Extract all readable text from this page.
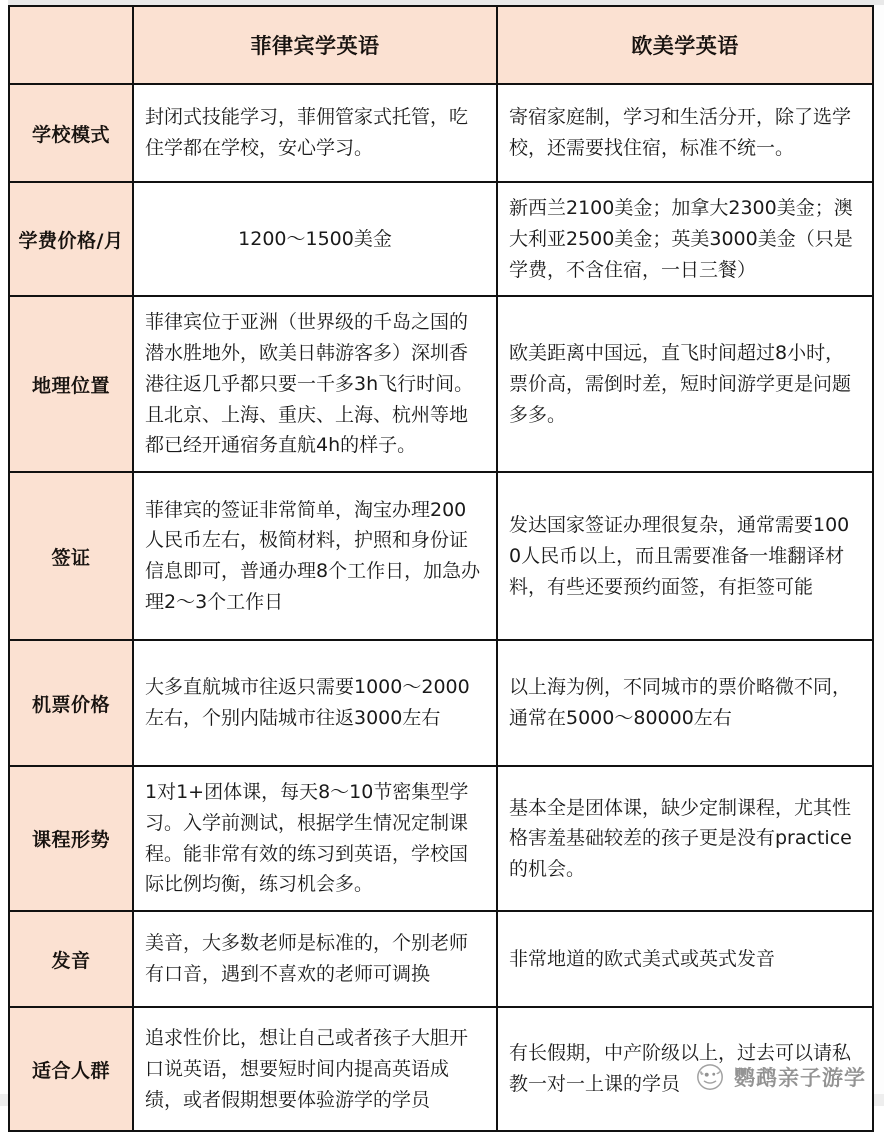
	菲律宾学英语	欧美学英语

学校模式	封闭式技能学习，菲佣管家式托管，吃住学都在学校，安心学习。	寄宿家庭制，学习和生活分开，除了选学校，还需要找住宿，标准不统一。

学费价格/月	1200～1500美金	新西兰2100美金；加拿大2300美金；澳大利亚2500美金；英美3000美金（只是学费，不含住宿，一日三餐）

地理位置	菲律宾位于亚洲（世界级的千岛之国的潜水胜地外，欧美日韩游客多）深圳香港往返几乎都只要一千多3h飞行时间。且北京、上海、重庆、上海、杭州等地都已经开通宿务直航4h的样子。	欧美距离中国远，直飞时间超过8小时，票价高，需倒时差，短时间游学更是问题多多。

签证	菲律宾的签证非常简单，淘宝办理200人民币左右，极简材料，护照和身份证信息即可，普通办理8个工作日，加急办理2～3个工作日	发达国家签证办理很复杂，通常需要1000人民币以上，而且需要准备一堆翻译材料，有些还要预约面签，有拒签可能

机票价格	大多直航城市往返只需要1000～2000左右，个别内陆城市往返3000左右	以上海为例，不同城市的票价略微不同，通常在5000～80000左右

课程形势	1对1+团体课，每天8～10节密集型学习。入学前测试，根据学生情况定制课程。能非常有效的练习到英语，学校国际比例均衡，练习机会多。	基本全是团体课，缺少定制课程，尤其性格害羞基础较差的孩子更是没有practice的机会。

发音	美音，大多数老师是标准的，个别老师有口音，遇到不喜欢的老师可调换	非常地道的欧式美式或英式发音

适合人群	追求性价比，想让自己或者孩子大胆开口说英语，想要短时间内提高英语成绩，或者假期想要体验游学的学员	有长假期，中产阶级以上，过去可以请私教一对一上课的学员	鹦鹉亲子游学
